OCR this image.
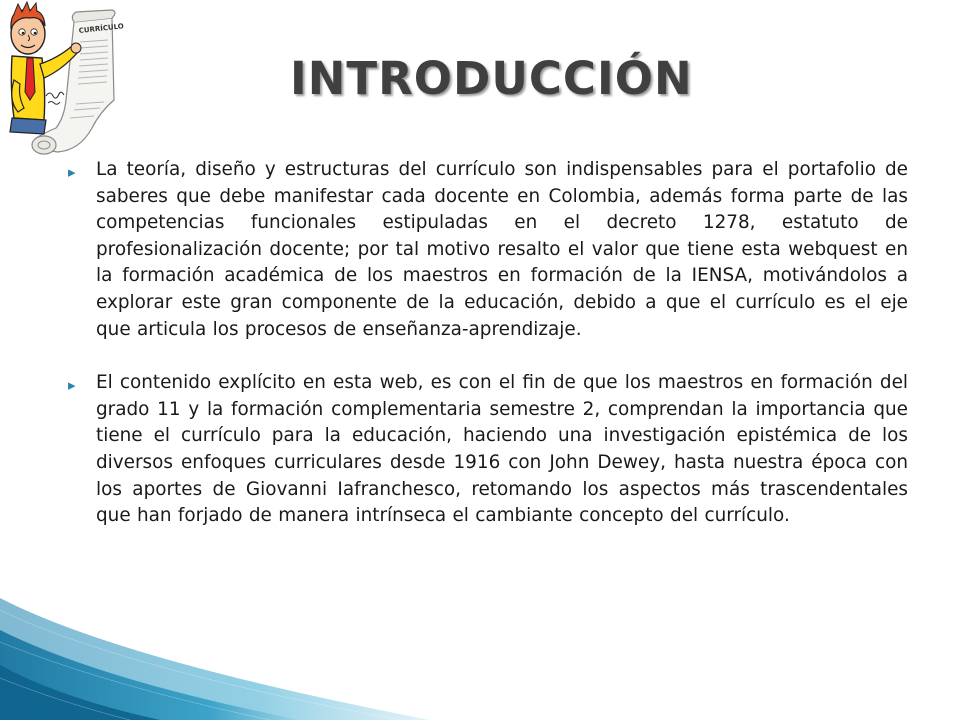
CURRÍCULO
INTRODUCCIÓN
▸ La teoría, diseño y estructuras del currículo son indispensables para el portafolio de saberes que debe manifestar cada docente en Colombia, además forma parte de las competencias funcionales estipuladas en el decreto 1278, estatuto de profesionalización docente; por tal motivo resalto el valor que tiene esta webquest en la formación académica de los maestros en formación de la IENSA, motivándolos a explorar este gran componente de la educación, debido a que el currículo es el eje que articula los procesos de enseñanza-aprendizaje.
▸ El contenido explícito en esta web, es con el fin de que los maestros en formación del grado 11 y la formación complementaria semestre 2, comprendan la importancia que tiene el currículo para la educación, haciendo una investigación epistémica de los diversos enfoques curriculares desde 1916 con John Dewey, hasta nuestra época con los aportes de Giovanni Iafranchesco, retomando los aspectos más trascendentales que han forjado de manera intrínseca el cambiante concepto del currículo.
